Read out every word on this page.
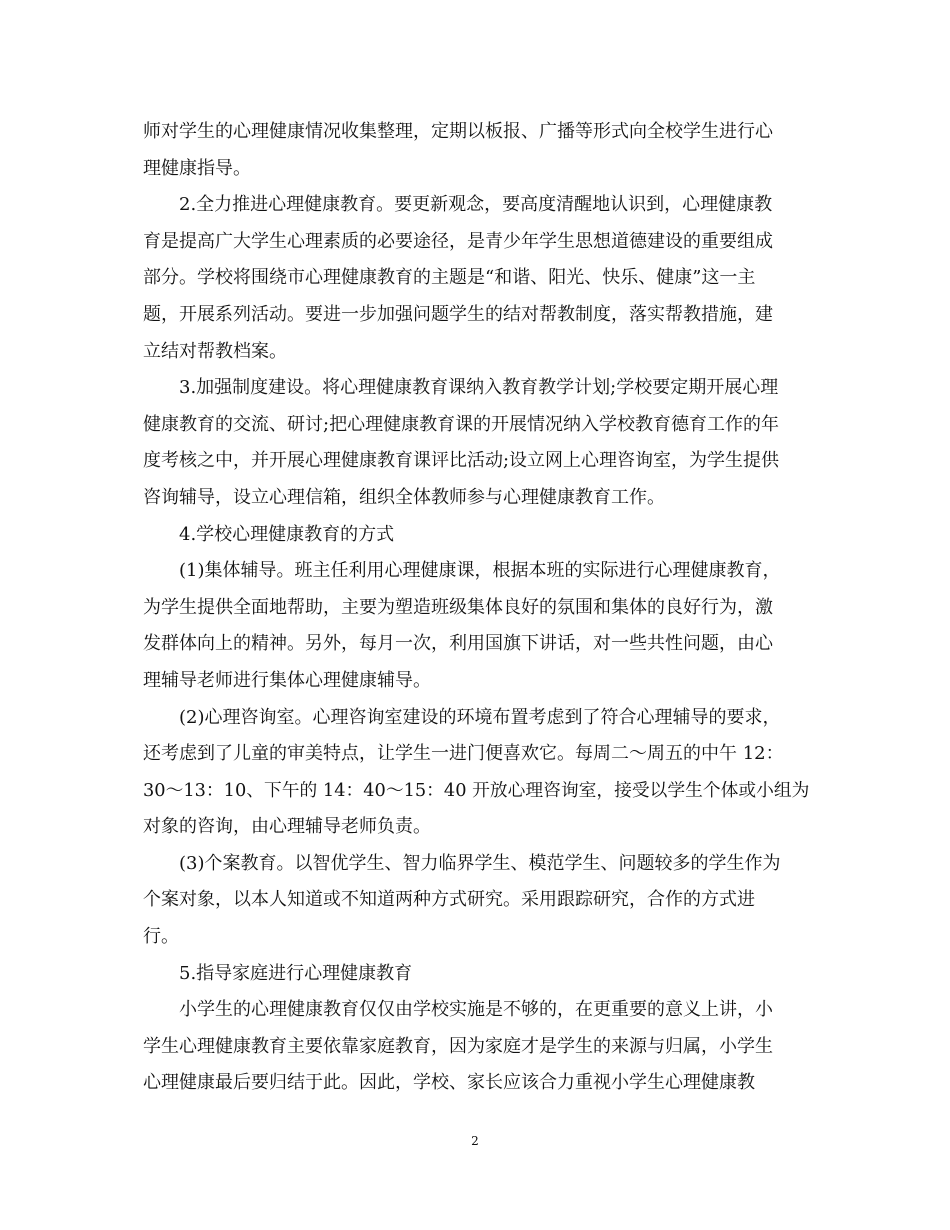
师对学生的心理健康情况收集整理，定期以板报、广播等形式向全校学生进行心
理健康指导。
2.全力推进心理健康教育。要更新观念，要高度清醒地认识到，心理健康教
育是提高广大学生心理素质的必要途径，是青少年学生思想道德建设的重要组成
部分。学校将围绕市心理健康教育的主题是“和谐、阳光、快乐、健康”这一主
题，开展系列活动。要进一步加强问题学生的结对帮教制度，落实帮教措施，建
立结对帮教档案。
3.加强制度建设。将心理健康教育课纳入教育教学计划;学校要定期开展心理
健康教育的交流、研讨;把心理健康教育课的开展情况纳入学校教育德育工作的年
度考核之中，并开展心理健康教育课评比活动;设立网上心理咨询室，为学生提供
咨询辅导，设立心理信箱，组织全体教师参与心理健康教育工作。
4.学校心理健康教育的方式
(1)集体辅导。班主任利用心理健康课，根据本班的实际进行心理健康教育，
为学生提供全面地帮助，主要为塑造班级集体良好的氛围和集体的良好行为，激
发群体向上的精神。另外，每月一次，利用国旗下讲话，对一些共性问题，由心
理辅导老师进行集体心理健康辅导。
(2)心理咨询室。心理咨询室建设的环境布置考虑到了符合心理辅导的要求，
还考虑到了儿童的审美特点，让学生一进门便喜欢它。每周二～周五的中午 12：
30～13：10、下午的 14：40～15：40 开放心理咨询室，接受以学生个体或小组为
对象的咨询，由心理辅导老师负责。
(3)个案教育。以智优学生、智力临界学生、模范学生、问题较多的学生作为
个案对象，以本人知道或不知道两种方式研究。采用跟踪研究，合作的方式进
行。
5.指导家庭进行心理健康教育
小学生的心理健康教育仅仅由学校实施是不够的，在更重要的意义上讲，小
学生心理健康教育主要依靠家庭教育，因为家庭才是学生的来源与归属，小学生
心理健康最后要归结于此。因此，学校、家长应该合力重视小学生心理健康教
2
